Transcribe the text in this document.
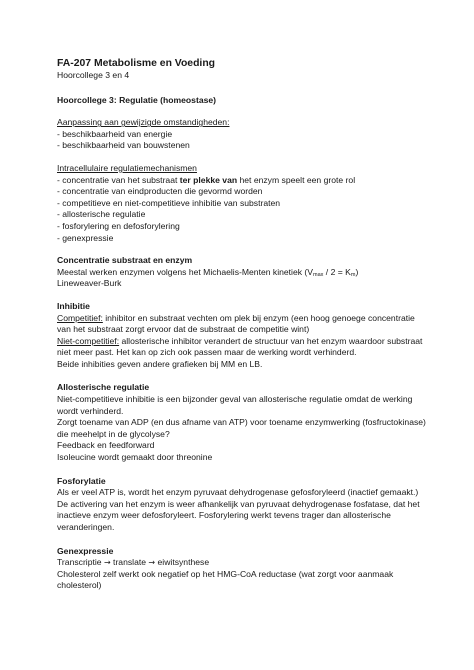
FA-207 Metabolisme en Voeding

Hoorcollege 3 en 4

Hoorcollege 3: Regulatie (homeostase)

Aanpassing aan gewijzigde omstandigheden:

- beschikbaarheid van energie

- beschikbaarheid van bouwstenen

Intracellulaire regulatiemechanismen

- concentratie van het substraat ter plekke van het enzym speelt een grote rol

- concentratie van eindproducten die gevormd worden

- competitieve en niet-competitieve inhibitie van substraten

- allosterische regulatie

- fosforylering en defosforylering

- genexpressie

Concentratie substraat en enzym

Meestal werken enzymen volgens het Michaelis-Menten kinetiek (Vmax / 2 = Km)

Lineweaver-Burk

Inhibitie

Competitief: inhibitor en substraat vechten om plek bij enzym (een hoog genoege concentratie van het substraat zorgt ervoor dat de substraat de competitie wint)

Niet-competitief: allosterische inhibitor verandert de structuur van het enzym waardoor substraat niet meer past. Het kan op zich ook passen maar de werking wordt verhinderd.

Beide inhibities geven andere grafieken bij MM en LB.

Allosterische regulatie

Niet-competitieve inhibitie is een bijzonder geval van allosterische regulatie omdat de werking wordt verhinderd.

Zorgt toename van ADP (en dus afname van ATP) voor toename enzymwerking (fosfructokinase) die meehelpt in de glycolyse?

Feedback en feedforward

Isoleucine wordt gemaakt door threonine

Fosforylatie

Als er veel ATP is, wordt het enzym pyruvaat dehydrogenase gefosforyleerd (inactief gemaakt.)

De activering van het enzym is weer afhankelijk van pyruvaat dehydrogenase fosfatase, dat het inactieve enzym weer defosforyleert. Fosforylering werkt tevens trager dan allosterische veranderingen.

Genexpressie

Transcriptie → translate → eiwitsynthese

Cholesterol zelf werkt ook negatief op het HMG-CoA reductase (wat zorgt voor aanmaak cholesterol)
